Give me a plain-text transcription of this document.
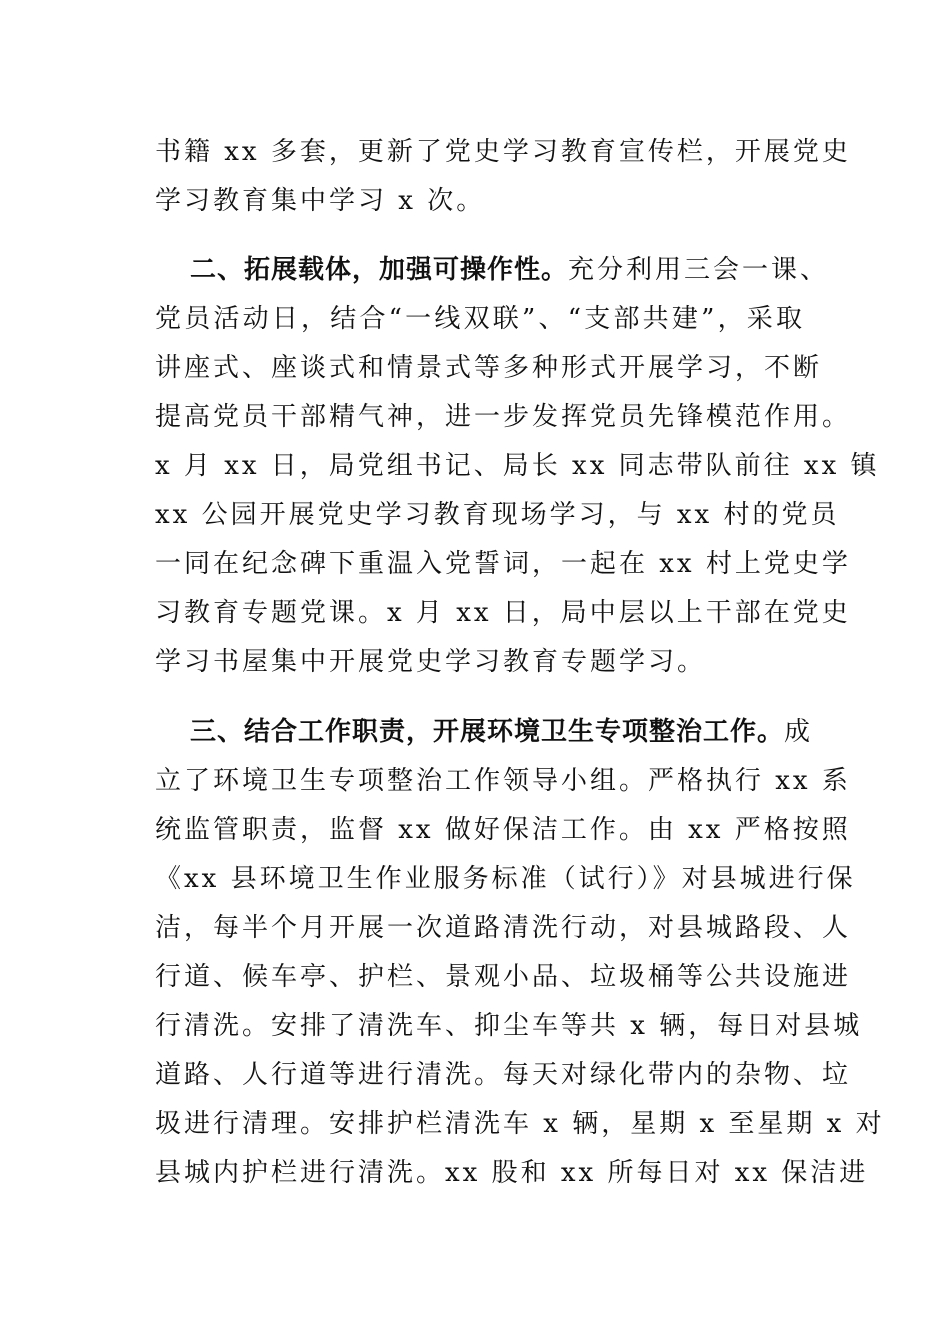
书籍 xx 多套，更新了党史学习教育宣传栏，开展党史
学习教育集中学习 x 次。
二、拓展载体，加强可操作性。充分利用三会一课、
党员活动日，结合“一线双联”、“支部共建”，采取
讲座式、座谈式和情景式等多种形式开展学习，不断
提高党员干部精气神，进一步发挥党员先锋模范作用。
x 月 xx 日，局党组书记、局长 xx 同志带队前往 xx 镇
xx 公园开展党史学习教育现场学习，与 xx 村的党员
一同在纪念碑下重温入党誓词，一起在 xx 村上党史学
习教育专题党课。x 月 xx 日，局中层以上干部在党史
学习书屋集中开展党史学习教育专题学习。
三、结合工作职责，开展环境卫生专项整治工作。成
立了环境卫生专项整治工作领导小组。严格执行 xx 系
统监管职责，监督 xx 做好保洁工作。由 xx 严格按照
《xx 县环境卫生作业服务标准（试行）》对县城进行保
洁，每半个月开展一次道路清洗行动，对县城路段、人
行道、候车亭、护栏、景观小品、垃圾桶等公共设施进
行清洗。安排了清洗车、抑尘车等共 x 辆，每日对县城
道路、人行道等进行清洗。每天对绿化带内的杂物、垃
圾进行清理。安排护栏清洗车 x 辆，星期 x 至星期 x 对
县城内护栏进行清洗。xx 股和 xx 所每日对 xx 保洁进
